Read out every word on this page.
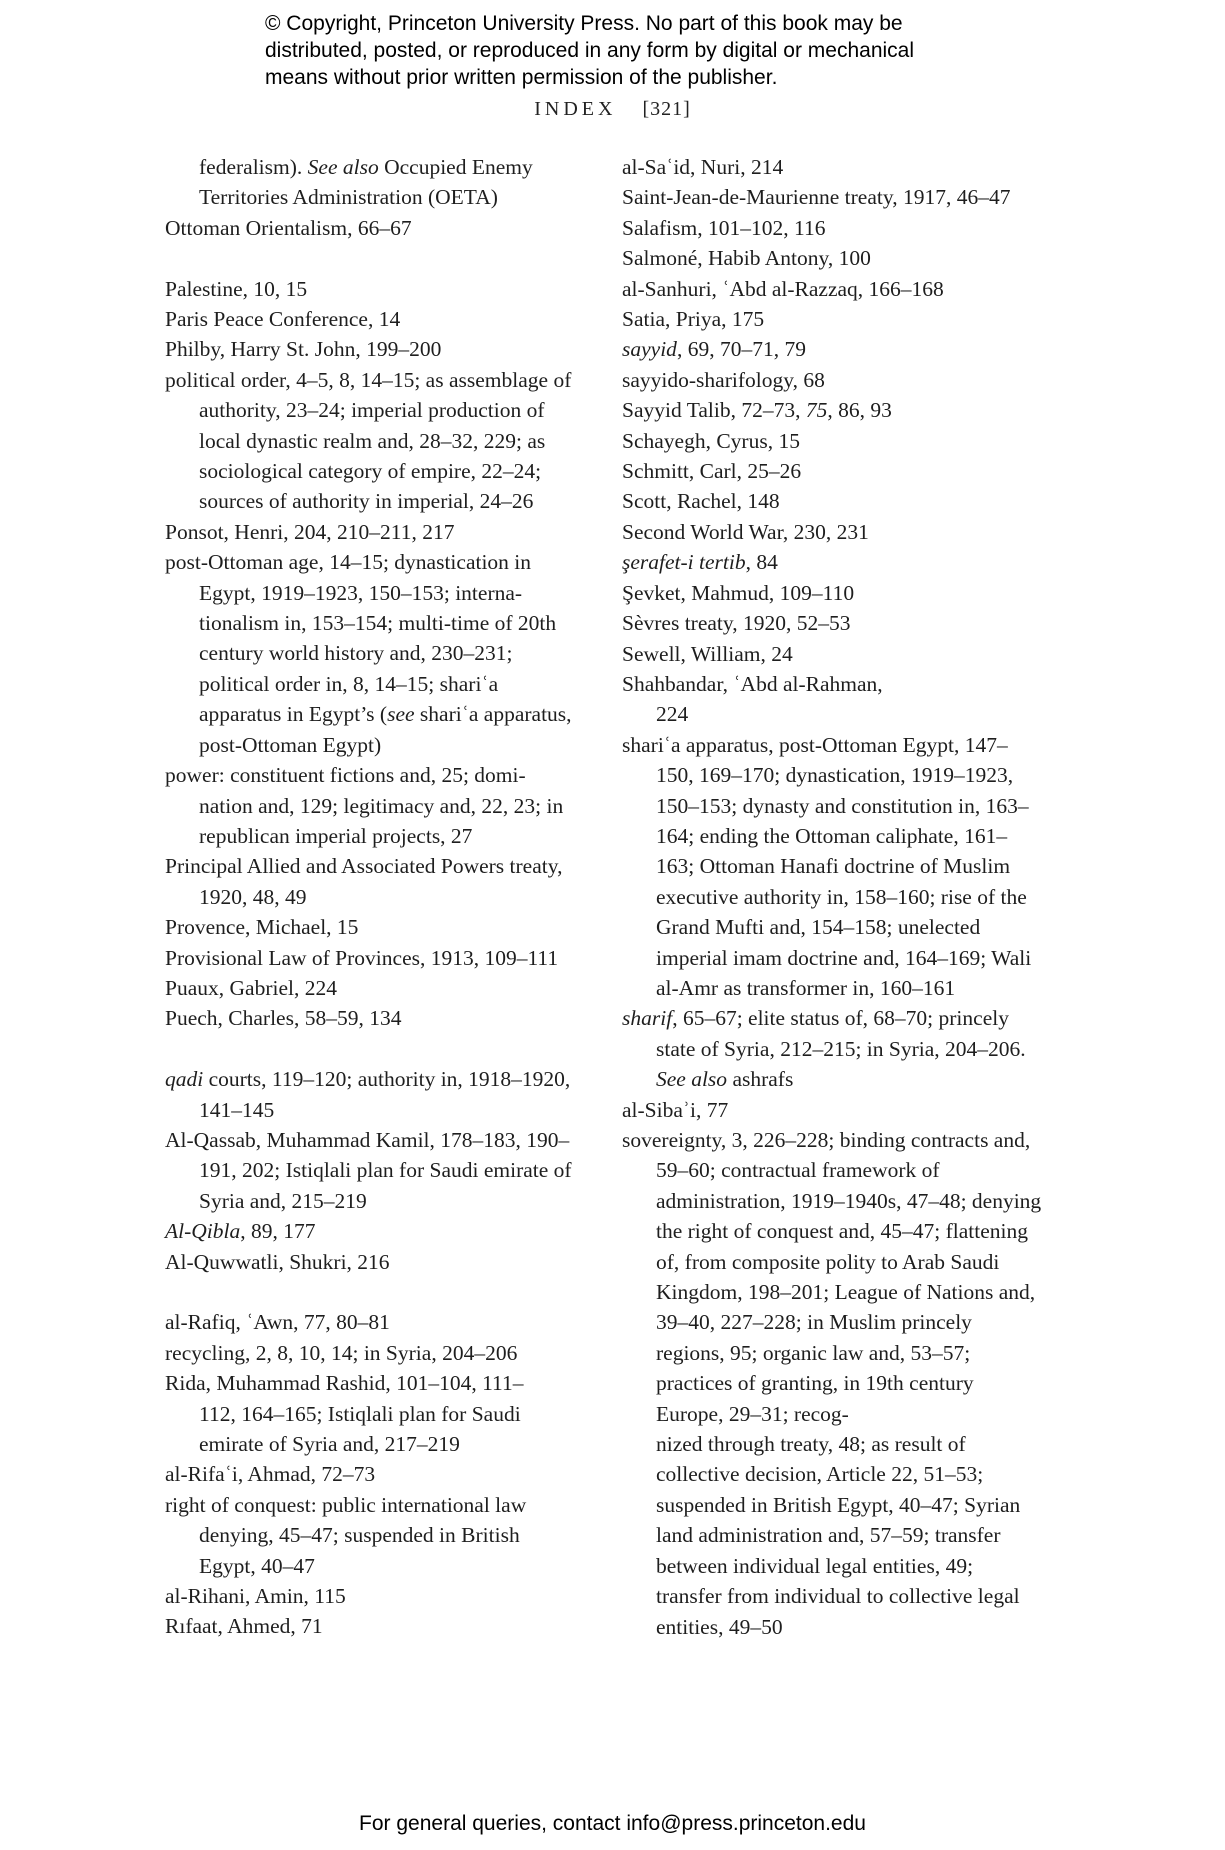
© Copyright, Princeton University Press. No part of this book may be
distributed, posted, or reproduced in any form by digital or mechanical
means without prior written permission of the publisher.
INDEX [321]
federalism). See also Occupied Enemy Territories Administration (OETA)
Ottoman Orientalism, 66–67
Palestine, 10, 15
Paris Peace Conference, 14
Philby, Harry St. John, 199–200
political order, 4–5, 8, 14–15; as assemblage of authority, 23–24; imperial production of local dynastic realm and, 28–32, 229; as sociological category of empire, 22–24; sources of authority in imperial, 24–26
Ponsot, Henri, 204, 210–211, 217
post-Ottoman age, 14–15; dynastication in Egypt, 1919–1923, 150–153; interna-
tionalism in, 153–154; multi-time of 20th century world history and, 230–231; political order in, 8, 14–15; shariʿa apparatus in Egypt’s (see shariʿa apparatus, post-Ottoman Egypt)
power: constituent fictions and, 25; domi-
nation and, 129; legitimacy and, 22, 23; in republican imperial projects, 27
Principal Allied and Associated Powers treaty, 1920, 48, 49
Provence, Michael, 15
Provisional Law of Provinces, 1913, 109–111
Puaux, Gabriel, 224
Puech, Charles, 58–59, 134
qadi courts, 119–120; authority in, 1918–1920, 141–145
Al-Qassab, Muhammad Kamil, 178–183, 190–191, 202; Istiqlali plan for Saudi emirate of Syria and, 215–219
Al-Qibla, 89, 177
Al-Quwwatli, Shukri, 216
al-Rafiq, ʿAwn, 77, 80–81
recycling, 2, 8, 10, 14; in Syria, 204–206
Rida, Muhammad Rashid, 101–104, 111–
112, 164–165; Istiqlali plan for Saudi emirate of Syria and, 217–219
al-Rifaʿi, Ahmad, 72–73
right of conquest: public international law denying, 45–47; suspended in British Egypt, 40–47
al-Rihani, Amin, 115
Rıfaat, Ahmed, 71
al-Saʿid, Nuri, 214
Saint-Jean-de-Maurienne treaty, 1917, 46–47
Salafism, 101–102, 116
Salmoné, Habib Antony, 100
al-Sanhuri, ʿAbd al-Razzaq, 166–168
Satia, Priya, 175
sayyid, 69, 70–71, 79
sayyido-sharifology, 68
Sayyid Talib, 72–73, 75, 86, 93
Schayegh, Cyrus, 15
Schmitt, Carl, 25–26
Scott, Rachel, 148
Second World War, 230, 231
şerafet-i tertib, 84
Şevket, Mahmud, 109–110
Sèvres treaty, 1920, 52–53
Sewell, William, 24
Shahbandar, ʿAbd al-Rahman,
224
shariʿa apparatus, post-Ottoman Egypt, 147–150, 169–170; dynastication, 1919–1923, 150–153; dynasty and constitution in, 163–164; ending the Ottoman caliphate, 161–163; Ottoman Hanafi doctrine of Muslim executive authority in, 158–160; rise of the Grand Mufti and, 154–158; unelected imperial imam doctrine and, 164–169; Wali al-Amr as transformer in, 160–161
sharif, 65–67; elite status of, 68–70; princely state of Syria, 212–215; in Syria, 204–206. See also ashrafs
al-Sibaʾi, 77
sovereignty, 3, 226–228; binding contracts and, 59–60; contractual framework of administration, 1919–1940s, 47–48; denying the right of conquest and, 45–47; flattening of, from composite polity to Arab Saudi Kingdom, 198–201; League of Nations and, 39–40, 227–228; in Muslim princely regions, 95; organic law and, 53–57; practices of granting, in 19th century Europe, 29–31; recog-
nized through treaty, 48; as result of collective decision, Article 22, 51–53; suspended in British Egypt, 40–47; Syrian land administration and, 57–59; transfer between individual legal entities, 49; transfer from individual to collective legal entities, 49–50
For general queries, contact info@press.princeton.edu
